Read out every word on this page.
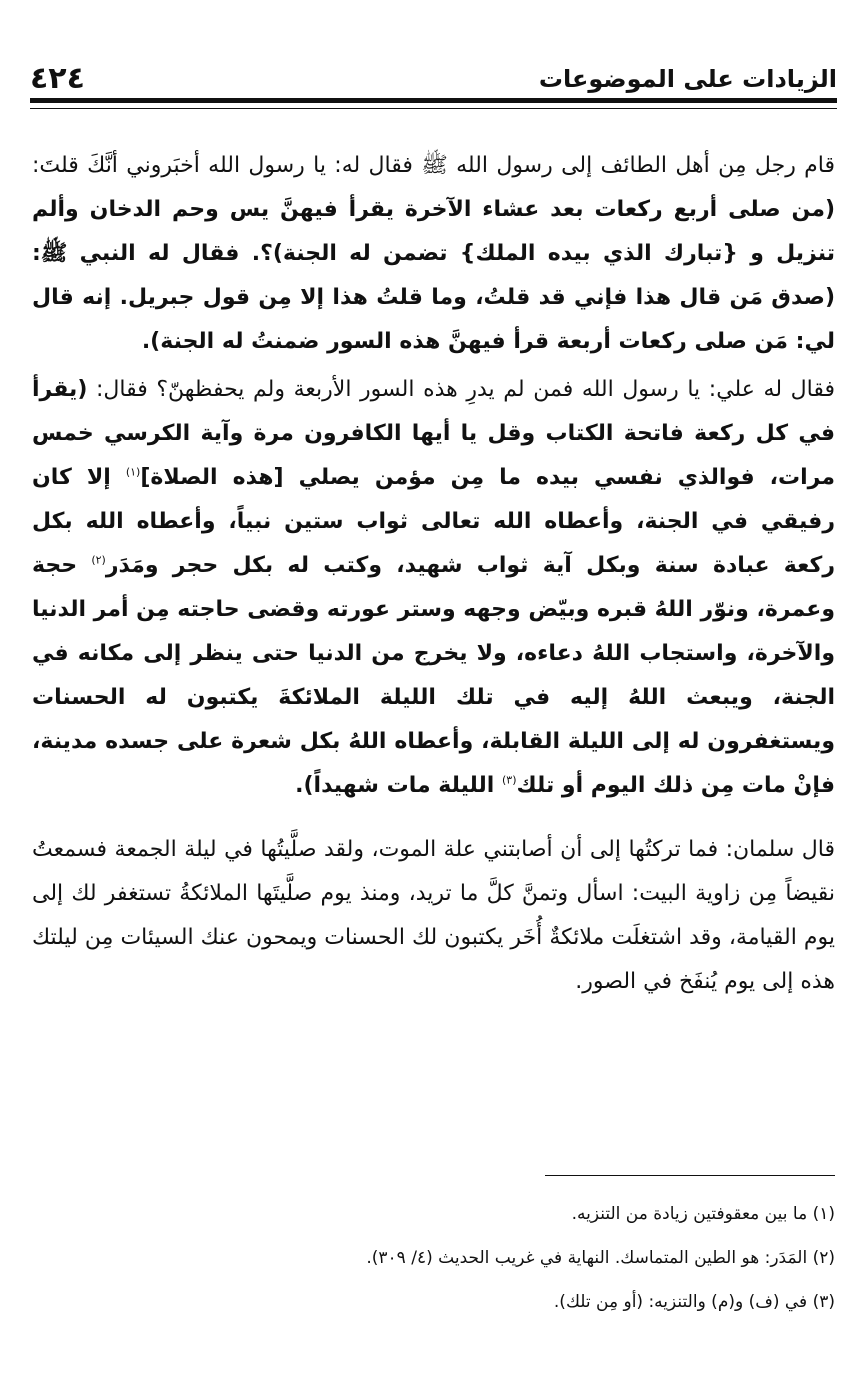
الزيادات على الموضوعات
٤٢٤

قام رجل مِن أهل الطائف إلى رسول الله ﷺ فقال له: يا رسول الله أخبَروني أنَّكَ قلتَ: (من صلى أربع ركعات بعد عشاء الآخرة يقرأ فيهنَّ يس وحم الدخان وألم تنزيل و {تبارك الذي بيده الملك} تضمن له الجنة)؟. فقال له النبي ﷺ: (صدق مَن قال هذا فإني قد قلتُ، وما قلتُ هذا إلا مِن قول جبريل. إنه قال لي: مَن صلى ركعات أربعة قرأ فيهنَّ هذه السور ضمنتُ له الجنة).

فقال له علي: يا رسول الله فمن لم يدرِ هذه السور الأربعة ولم يحفظهنّ؟ فقال: (يقرأ في كل ركعة فاتحة الكتاب وقل يا أيها الكافرون مرة وآية الكرسي خمس مرات، فوالذي نفسي بيده ما مِن مؤمن يصلي [هذه الصلاة]$^{(١)}$ إلا كان رفيقي في الجنة، وأعطاه الله تعالى ثواب ستين نبياً، وأعطاه الله بكل ركعة عبادة سنة وبكل آية ثواب شهيد، وكتب له بكل حجر ومَدَر$^{(٢)}$ حجة وعمرة، ونوّر اللهُ قبره وبيّض وجهه وستر عورته وقضى حاجته مِن أمر الدنيا والآخرة، واستجاب اللهُ دعاءه، ولا يخرج من الدنيا حتى ينظر إلى مكانه في الجنة، ويبعث اللهُ إليه في تلك الليلة الملائكةَ يكتبون له الحسنات ويستغفرون له إلى الليلة القابلة، وأعطاه اللهُ بكل شعرة على جسده مدينة، فإنْ مات مِن ذلك اليوم أو تلك$^{(٣)}$ الليلة مات شهيداً).

قال سلمان: فما تركتُها إلى أن أصابتني علة الموت، ولقد صلَّيتُها في ليلة الجمعة فسمعتُ نقيضاً مِن زاوية البيت: اسأل وتمنَّ كلَّ ما تريد، ومنذ يوم صلَّيتَها الملائكةُ تستغفر لك إلى يوم القيامة، وقد اشتغلَت ملائكةٌ أُخَر يكتبون لك الحسنات ويمحون عنك السيئات مِن ليلتك هذه إلى يوم يُنفَخ في الصور.

(١) ما بين معقوفتين زيادة من التنزيه.

(٢) المَدَر: هو الطين المتماسك. النهاية في غريب الحديث (٤/ ٣٠٩).

(٣) في (ف) و(م) والتنزيه: (أو مِن تلك).
